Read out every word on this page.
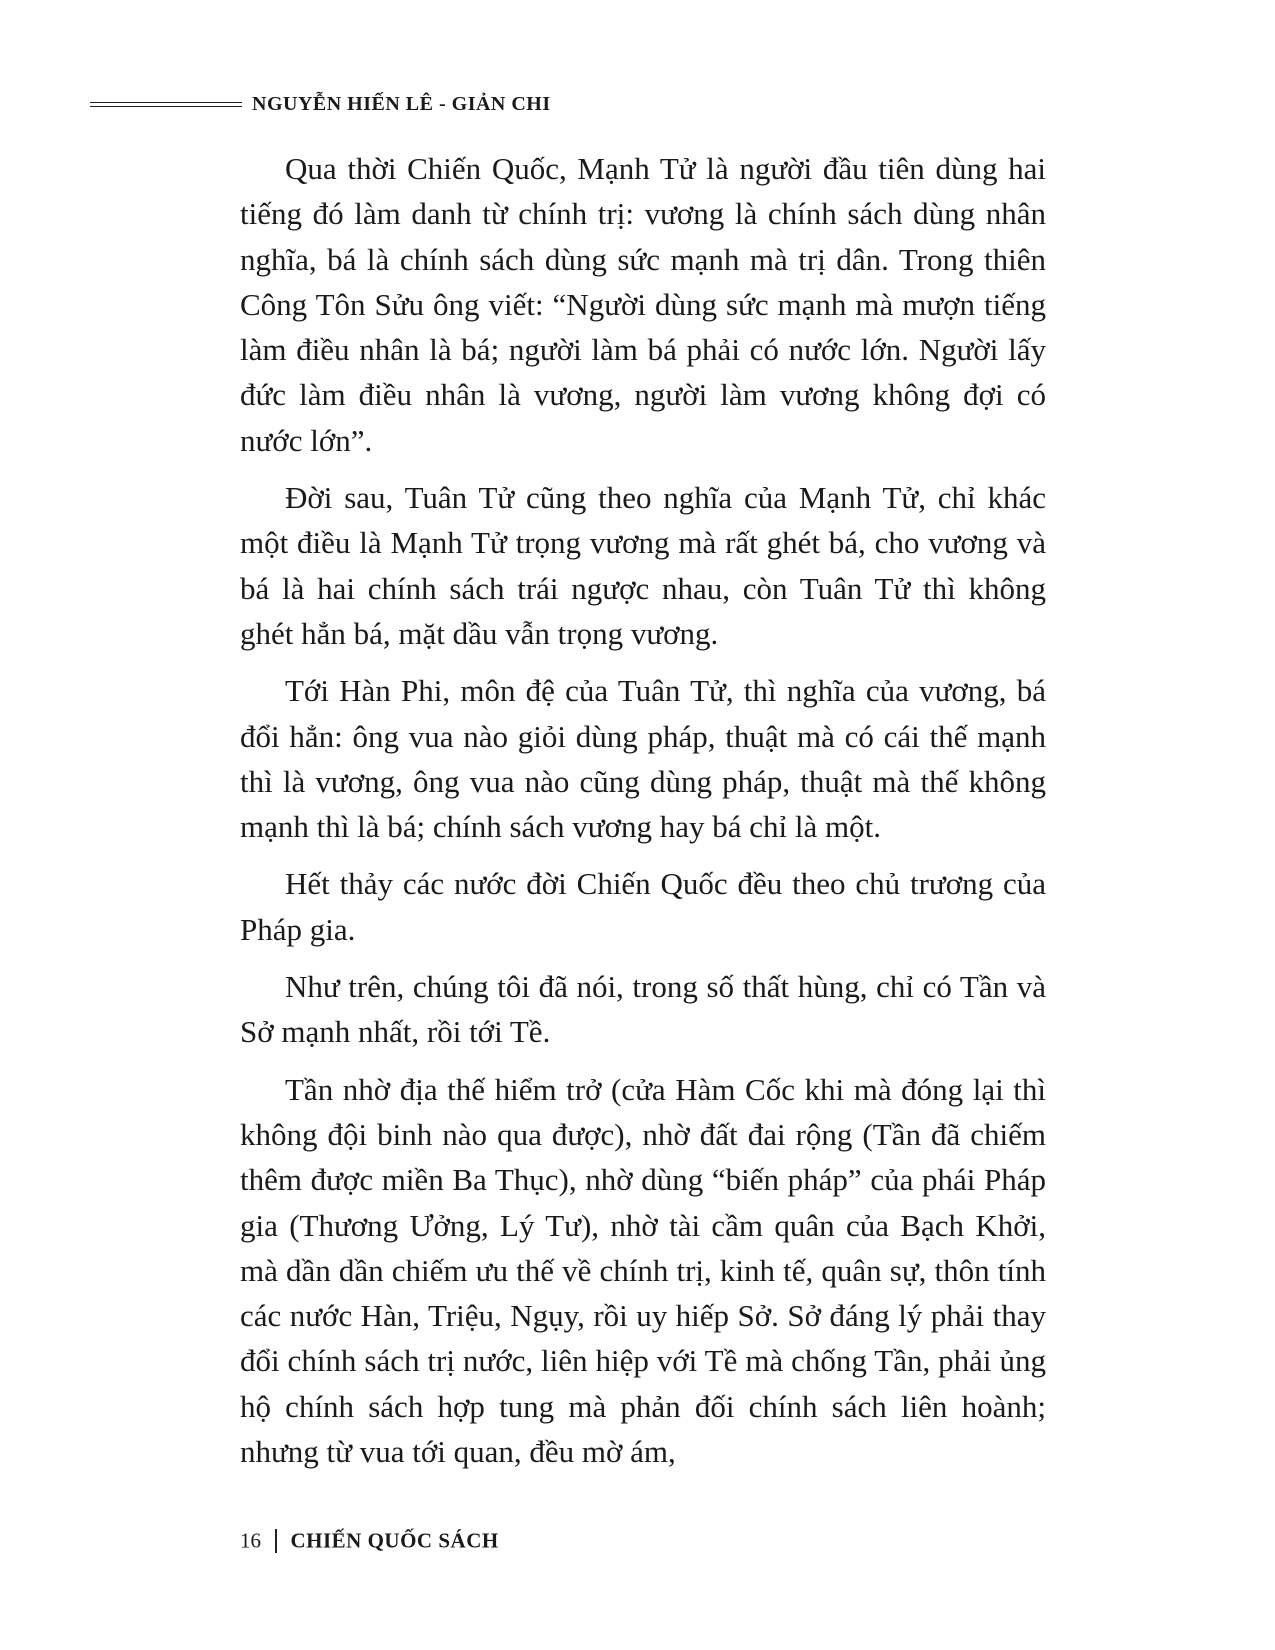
NGUYỄN HIẾN LÊ - GIẢN CHI

Qua thời Chiến Quốc, Mạnh Tử là người đầu tiên dùng hai tiếng đó làm danh từ chính trị: vương là chính sách dùng nhân nghĩa, bá là chính sách dùng sức mạnh mà trị dân. Trong thiên Công Tôn Sửu ông viết: “Người dùng sức mạnh mà mượn tiếng làm điều nhân là bá; người làm bá phải có nước lớn. Người lấy đức làm điều nhân là vương, người làm vương không đợi có nước lớn”.

Đời sau, Tuân Tử cũng theo nghĩa của Mạnh Tử, chỉ khác một điều là Mạnh Tử trọng vương mà rất ghét bá, cho vương và bá là hai chính sách trái ngược nhau, còn Tuân Tử thì không ghét hẳn bá, mặt dầu vẫn trọng vương.

Tới Hàn Phi, môn đệ của Tuân Tử, thì nghĩa của vương, bá đổi hẳn: ông vua nào giỏi dùng pháp, thuật mà có cái thế mạnh thì là vương, ông vua nào cũng dùng pháp, thuật mà thế không mạnh thì là bá; chính sách vương hay bá chỉ là một.

Hết thảy các nước đời Chiến Quốc đều theo chủ trương của Pháp gia.

Như trên, chúng tôi đã nói, trong số thất hùng, chỉ có Tần và Sở mạnh nhất, rồi tới Tề.

Tần nhờ địa thế hiểm trở (cửa Hàm Cốc khi mà đóng lại thì không đội binh nào qua được), nhờ đất đai rộng (Tần đã chiếm thêm được miền Ba Thục), nhờ dùng “biến pháp” của phái Pháp gia (Thương Ưởng, Lý Tư), nhờ tài cầm quân của Bạch Khởi, mà dần dần chiếm ưu thế về chính trị, kinh tế, quân sự, thôn tính các nước Hàn, Triệu, Ngụy, rồi uy hiếp Sở. Sở đáng lý phải thay đổi chính sách trị nước, liên hiệp với Tề mà chống Tần, phải ủng hộ chính sách hợp tung mà phản đối chính sách liên hoành; nhưng từ vua tới quan, đều mờ ám,

16 CHIẾN QUỐC SÁCH
